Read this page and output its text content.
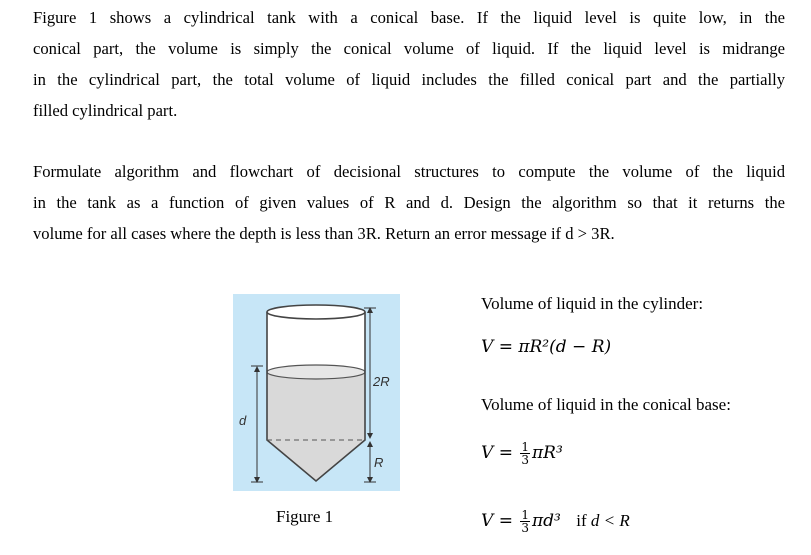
Figure 1 shows a cylindrical tank with a conical base. If the liquid level is quite low, in the
conical part, the volume is simply the conical volume of liquid. If the liquid level is midrange
in the cylindrical part, the total volume of liquid includes the filled conical part and the partially
filled cylindrical part.
Formulate algorithm and flowchart of decisional structures to compute the volume of the liquid
in the tank as a function of given values of R and d. Design the algorithm so that it returns the
volume for all cases where the depth is less than 3R. Return an error message if d > 3R.
2R
R
d
Figure 1
Volume of liquid in the cylinder:
V = πR²(d − R)
Volume of liquid in the conical base:
$V = \frac{1}{3} \pi R^3$
$V = \frac{1}{3} \pi d^3$ if d < R
